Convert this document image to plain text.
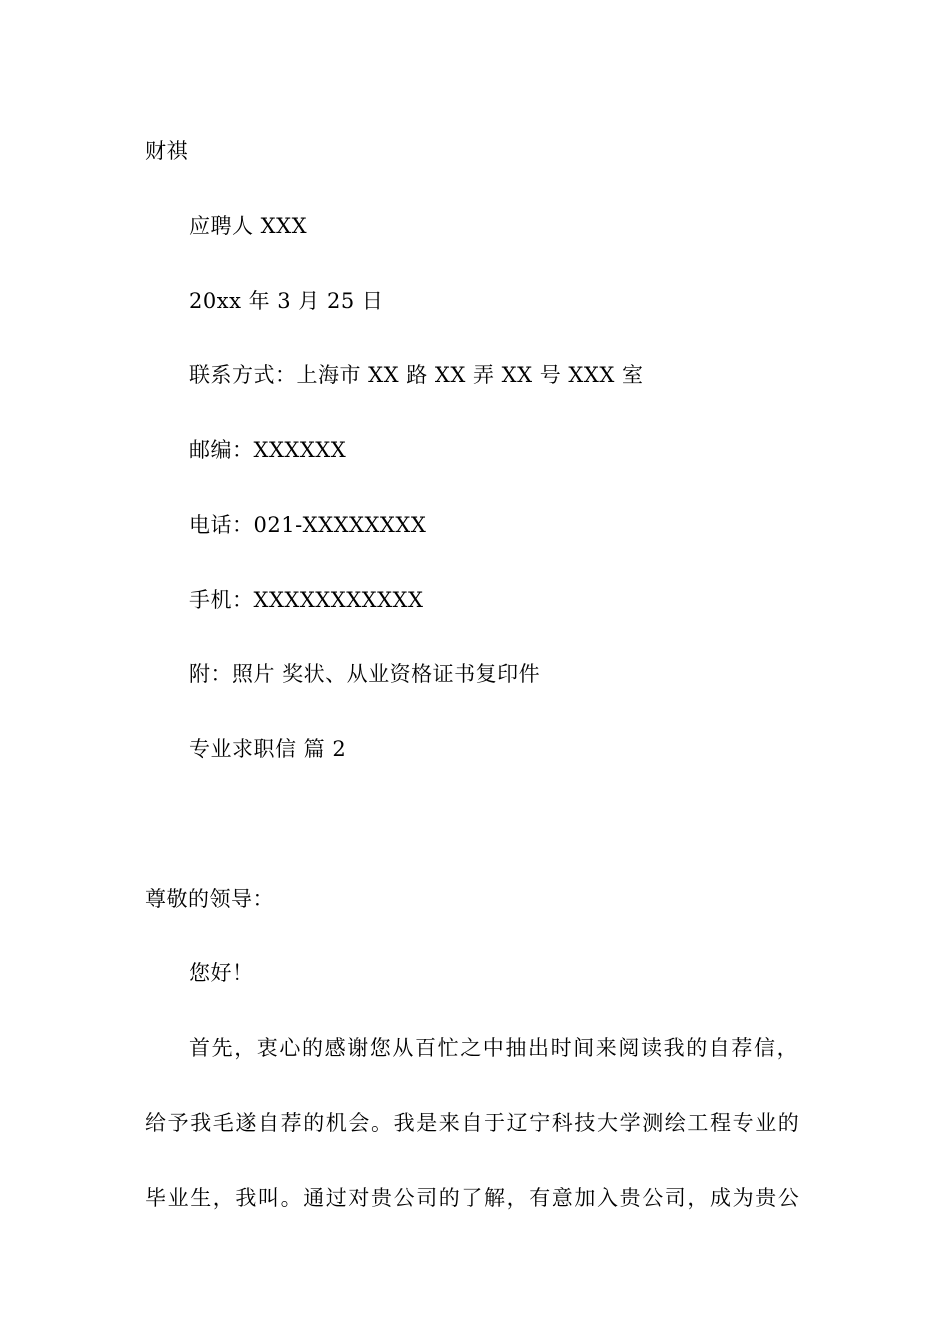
财祺
应聘人 XXX
20xx 年 3 月 25 日
联系方式：上海市 XX 路 XX 弄 XX 号 XXX 室
邮编：XXXXXX
电话：021-XXXXXXXX
手机：XXXXXXXXXXX
附：照片 奖状、从业资格证书复印件
专业求职信 篇 2
尊敬的领导：
您好！
首先，衷心的感谢您从百忙之中抽出时间来阅读我的自荐信，
给予我毛遂自荐的机会。我是来自于辽宁科技大学测绘工程专业的
毕业生，我叫。通过对贵公司的了解，有意加入贵公司，成为贵公
